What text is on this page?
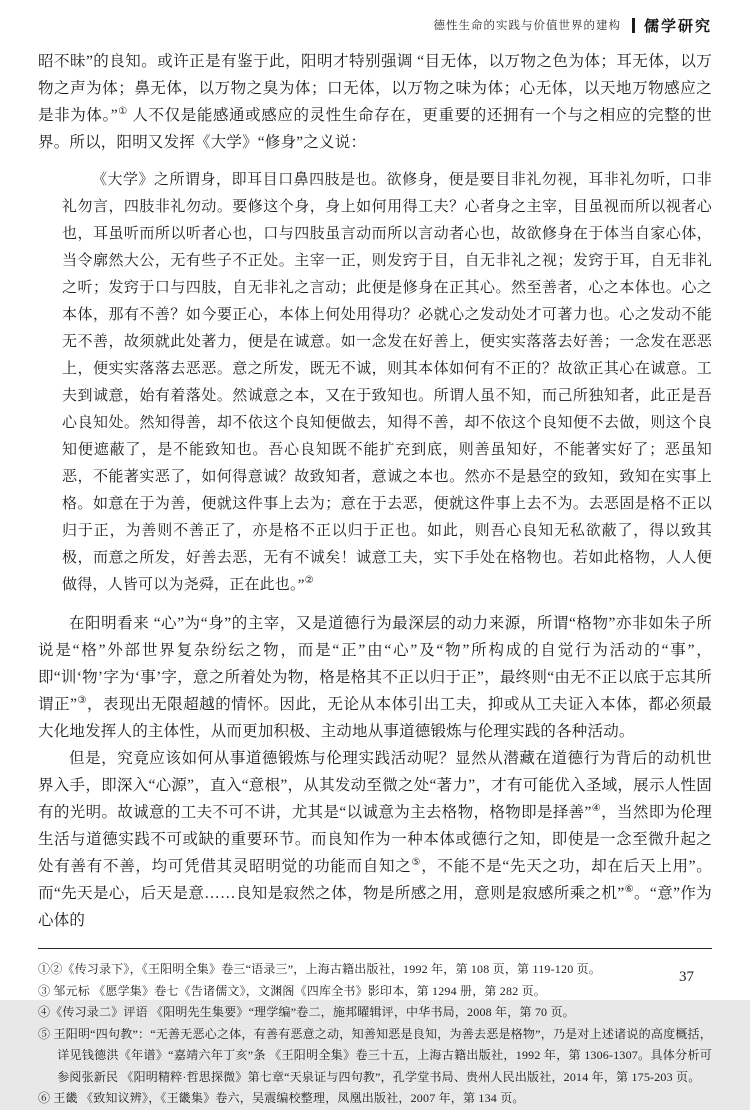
德性生命的实践与价值世界的建构 儒学研究

昭不昧”的良知。或许正是有鉴于此，阳明才特别强调 “目无体，以万物之色为体；耳无体，以万物之声为体；鼻无体，以万物之臭为体；口无体，以万物之味为体；心无体，以天地万物感应之是非为体。”① 人不仅是能感通或感应的灵性生命存在，更重要的还拥有一个与之相应的完整的世界。所以，阳明又发挥《大学》“修身”之义说：

《大学》之所谓身，即耳目口鼻四肢是也。欲修身，便是要目非礼勿视，耳非礼勿听，口非礼勿言，四肢非礼勿动。要修这个身，身上如何用得工夫？心者身之主宰，目虽视而所以视者心也，耳虽听而所以听者心也，口与四肢虽言动而所以言动者心也，故欲修身在于体当自家心体，当令廓然大公，无有些子不正处。主宰一正，则发窍于目，自无非礼之视；发窍于耳，自无非礼之听；发窍于口与四肢，自无非礼之言动；此便是修身在正其心。然至善者，心之本体也。心之本体，那有不善？如今要正心，本体上何处用得功？必就心之发动处才可著力也。心之发动不能无不善，故须就此处著力，便是在诚意。如一念发在好善上，便实实落落去好善；一念发在恶恶上，便实实落落去恶恶。意之所发，既无不诚，则其本体如何有不正的？故欲正其心在诚意。工夫到诚意，始有着落处。然诚意之本，又在于致知也。所谓人虽不知，而己所独知者，此正是吾心良知处。然知得善，却不依这个良知便做去，知得不善，却不依这个良知便不去做，则这个良知便遮蔽了，是不能致知也。吾心良知既不能扩充到底，则善虽知好，不能著实好了；恶虽知恶，不能著实恶了，如何得意诚？故致知者，意诚之本也。然亦不是悬空的致知，致知在实事上格。如意在于为善，便就这件事上去为；意在于去恶，便就这件事上去不为。去恶固是格不正以归于正，为善则不善正了，亦是格不正以归于正也。如此，则吾心良知无私欲蔽了，得以致其极，而意之所发，好善去恶，无有不诚矣！诚意工夫，实下手处在格物也。若如此格物，人人便做得，人皆可以为尧舜，正在此也。”②

在阳明看来 “心”为“身”的主宰，又是道德行为最深层的动力来源，所谓“格物”亦非如朱子所说是“格”外部世界复杂纷纭之物，而是“正”由“心”及“物”所构成的自觉行为活动的“事”，即“训‘物’字为‘事’字，意之所着处为物，格是格其不正以归于正”，最终则“由无不正以底于忘其所谓正”③，表现出无限超越的情怀。因此，无论从本体引出工夫，抑或从工夫证入本体，都必须最大化地发挥人的主体性，从而更加积极、主动地从事道德锻炼与伦理实践的各种活动。

但是，究竟应该如何从事道德锻炼与伦理实践活动呢？显然从潜藏在道德行为背后的动机世界入手，即深入“心源”，直入“意根”，从其发动至微之处“著力”，才有可能优入圣域，展示人性固有的光明。故诚意的工夫不可不讲，尤其是“以诚意为主去格物，格物即是择善”④，当然即为伦理生活与道德实践不可或缺的重要环节。而良知作为一种本体或德行之知，即使是一念至微升起之处有善有不善，均可凭借其灵昭明觉的功能而自知之⑤，不能不是“先天之功，却在后天上用”。而“先天是心，后天是意……良知是寂然之体，物是所感之用，意则是寂感所乘之机”⑥。“意”作为心体的

①②《传习录下》，《王阳明全集》卷三“语录三”，上海古籍出版社，1992 年，第 108 页，第 119-120 页。

③ 邹元标 《愿学集》卷七《告诸儒文》，文渊阁《四库全书》影印本，第 1294 册，第 282 页。

④《传习录二》评语 《阳明先生集要》“理学编”卷二，施邦曜辑评，中华书局，2008 年，第 70 页。

⑤ 王阳明“四句教”：“无善无恶心之体，有善有恶意之动，知善知恶是良知，为善去恶是格物”，乃是对上述诸说的高度概括，详见钱德洪《年谱》“嘉靖六年丁亥”条 《王阳明全集》卷三十五，上海古籍出版社，1992 年，第 1306-1307。具体分析可参阅张新民 《阳明精粹·哲思探微》第七章“天泉证与四句教”，孔学堂书局、贵州人民出版社，2014 年，第 175-203 页。

⑥ 王畿 《致知议辨》，《王畿集》卷六，吴震编校整理，凤凰出版社，2007 年，第 134 页。

37
